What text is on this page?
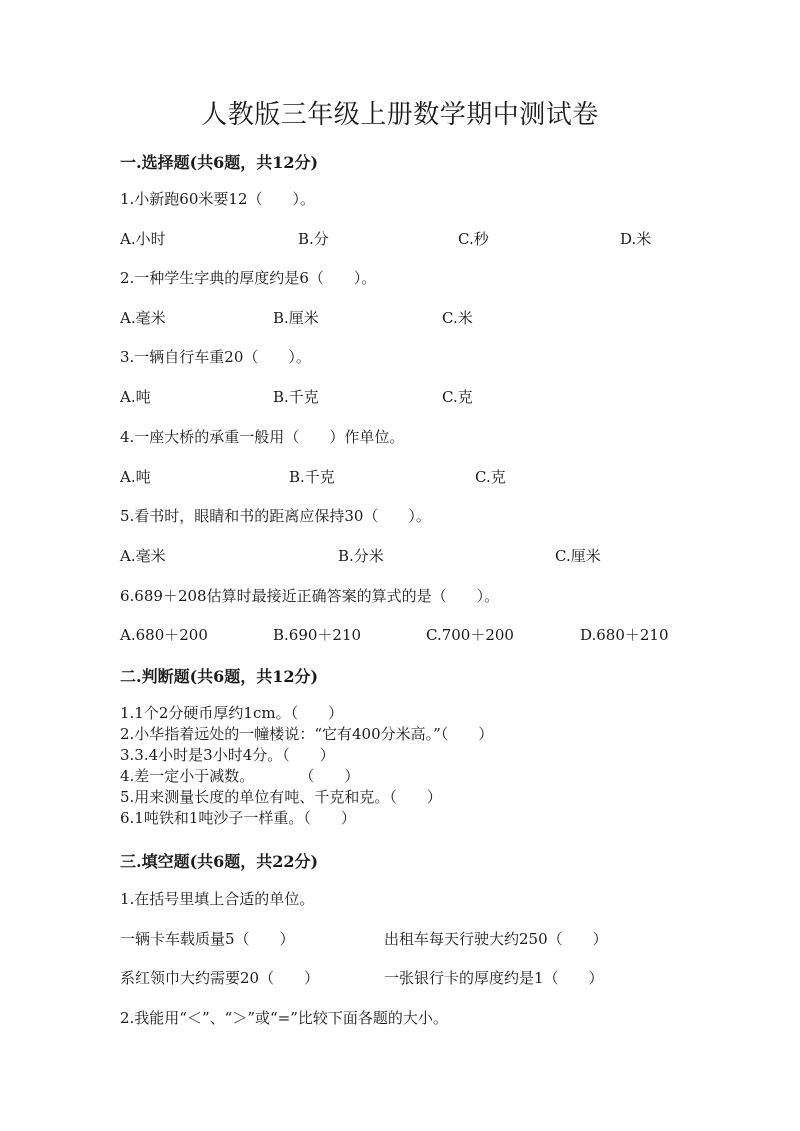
人教版三年级上册数学期中测试卷
一.选择题(共6题，共12分)
1.小新跑60米要12（　　）。
A.小时	B.分	C.秒	D.米
2.一种学生字典的厚度约是6（　　）。
A.毫米	B.厘米	C.米
3.一辆自行车重20（　　）。
A.吨	B.千克	C.克
4.一座大桥的承重一般用（　　）作单位。
A.吨	B.千克	C.克
5.看书时，眼睛和书的距离应保持30（　　）。
A.毫米	B.分米	C.厘米
6.689＋208估算时最接近正确答案的算式的是（　　）。
A.680＋200	B.690＋210	C.700＋200	D.680＋210
二.判断题(共6题，共12分)
1.1个2分硬币厚约1cm。（　　）
2.小华指着远处的一幢楼说：“它有400分米高。”（　　）
3.3.4小时是3小时4分。（　　）
4.差一定小于减数。　　　　（　　）
5.用来测量长度的单位有吨、千克和克。（　　）
6.1吨铁和1吨沙子一样重。（　　）
三.填空题(共6题，共22分)
1.在括号里填上合适的单位。
一辆卡车载质量5（　　）	出租车每天行驶大约250（　　）
系红领巾大约需要20（　　）	一张银行卡的厚度约是1（　　）
2.我能用“＜”、“＞”或“=”比较下面各题的大小。
